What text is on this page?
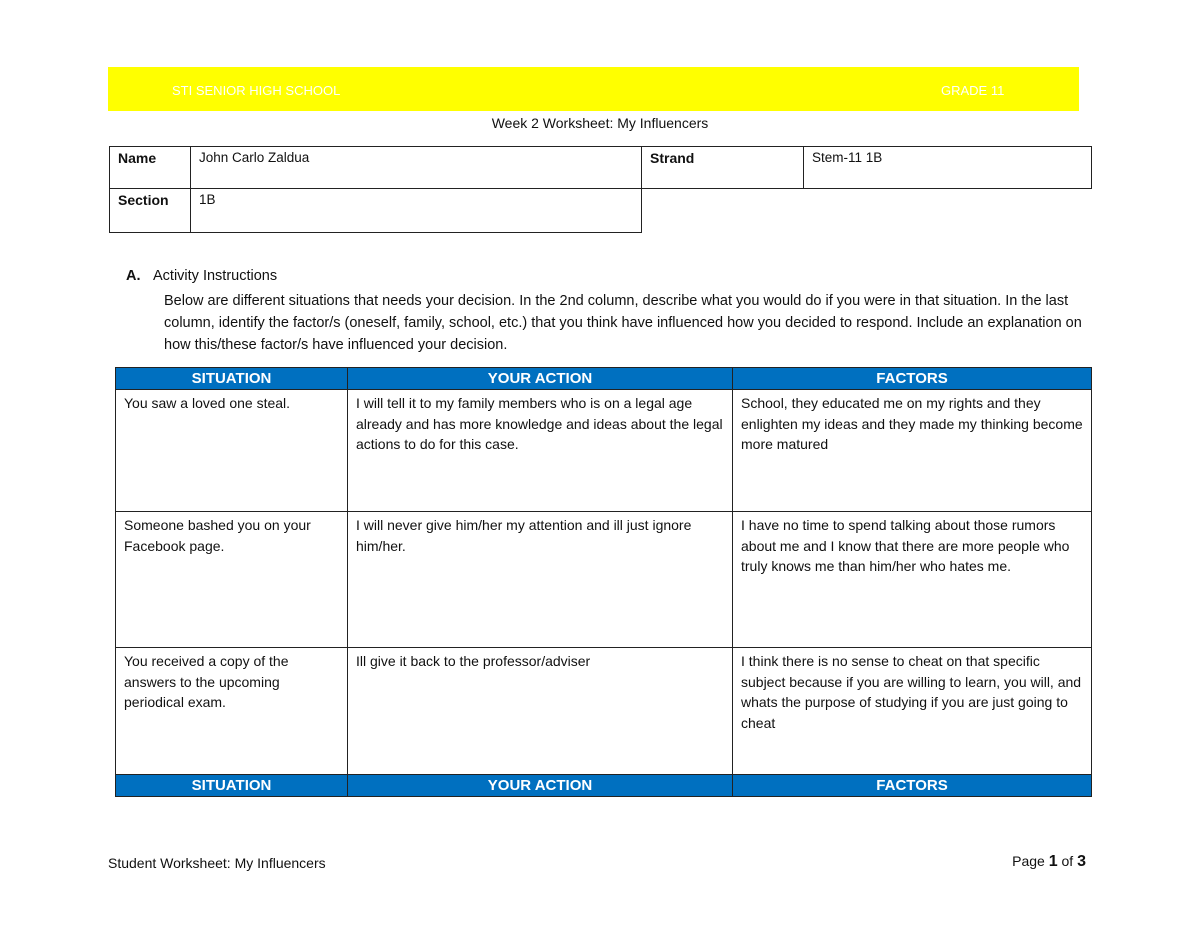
STI SENIOR HIGH SCHOOL	GRADE 11
Week 2 Worksheet: My Influencers
Name	John Carlo Zaldua	Strand	Stem-11 1B
Section	1B		
A. Activity Instructions
Below are different situations that needs your decision. In the 2nd column, describe what you would do if you were in that situation. In the last column, identify the factor/s (oneself, family, school, etc.) that you think have influenced how you decided to respond. Include an explanation on how this/these factor/s have influenced your decision.
SITUATION	YOUR ACTION	FACTORS
You saw a loved one steal.	I will tell it to my family members who is on a legal age already and has more knowledge and ideas about the legal actions to do for this case.	School, they educated me on my rights and they enlighten my ideas and they made my thinking become more matured
Someone bashed you on your Facebook page.	I will never give him/her my attention and ill just ignore him/her.	I have no time to spend talking about those rumors about me and I know that there are more people who truly knows me than him/her who hates me.
You received a copy of the answers to the upcoming periodical exam.	Ill give it back to the professor/adviser	I think there is no sense to cheat on that specific subject because if you are willing to learn, you will, and whats the purpose of studying if you are just going to cheat
SITUATION	YOUR ACTION	FACTORS
Student Worksheet: My Influencers	Page 1 of 3
